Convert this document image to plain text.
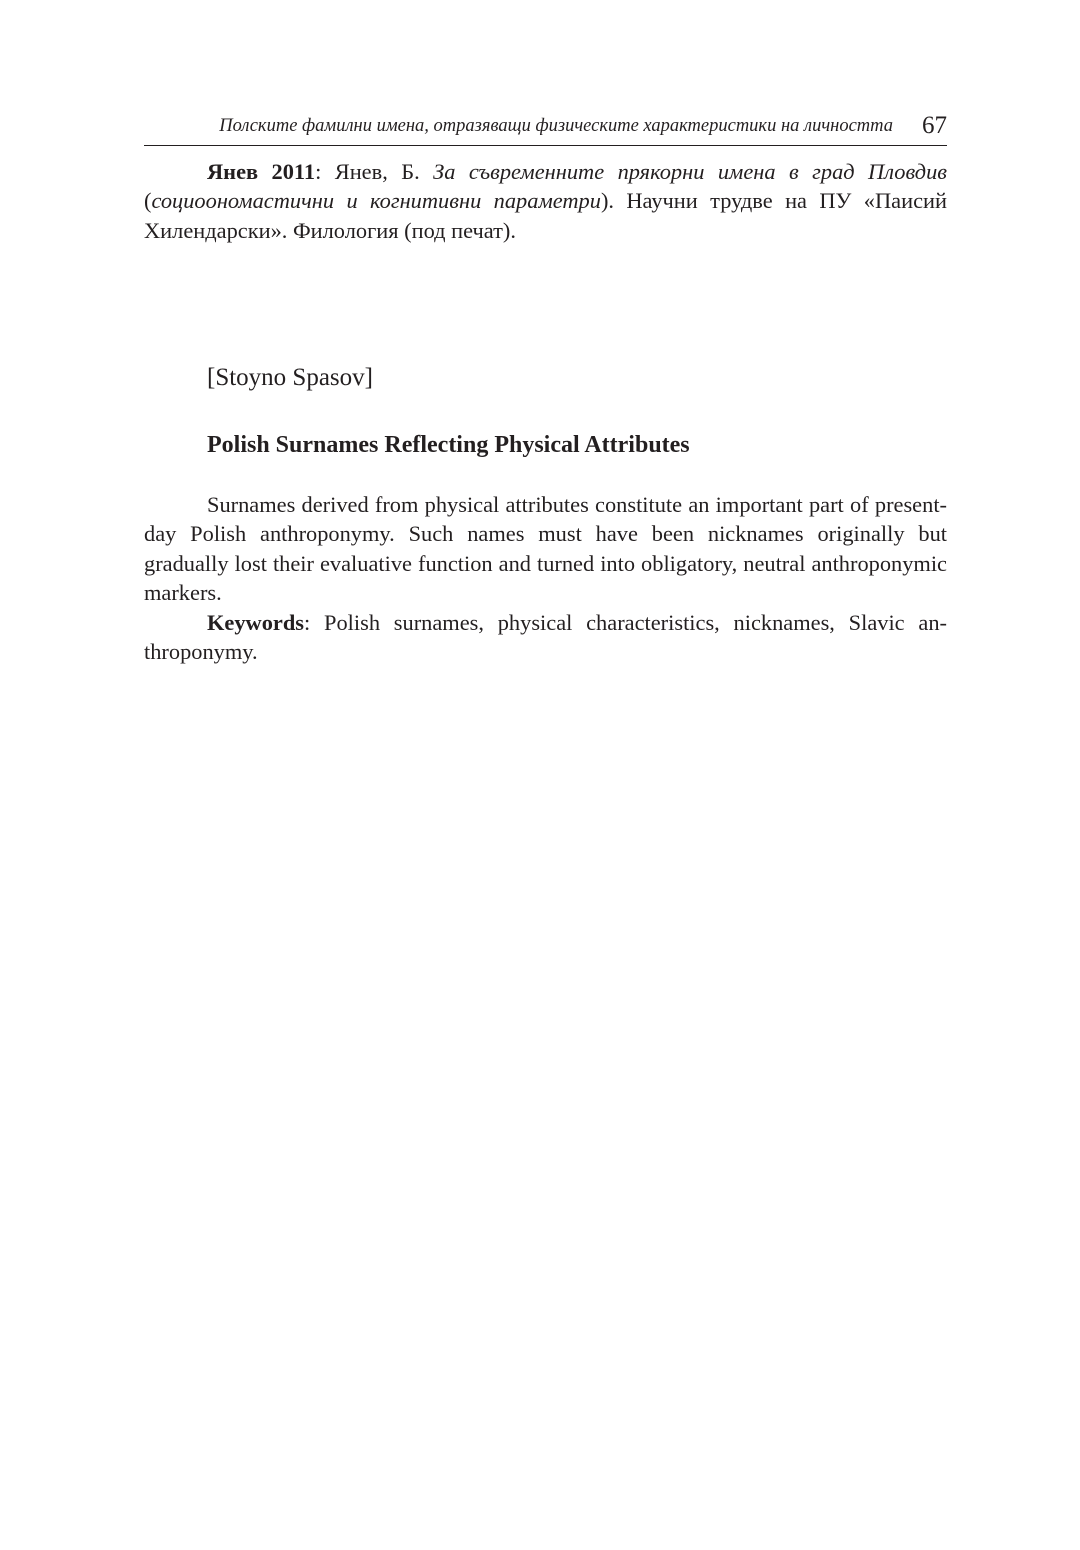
Полските фамилни имена, отразяващи физическите характеристики на личността 67

Янев 2011: Янев, Б. За съвременните прякорни имена в град Пловдив (социоономастични и когнитивни параметри). Научни трудве на ПУ «Паисий Хилендарски». Филология (под печат).

[Stoyno Spasov]
Polish Surnames Reflecting Physical Attributes

Surnames derived from physical attributes constitute an important part of present-day Polish anthroponymy. Such names must have been nicknames originally but gradually lost their evaluative function and turned into obligatory, neutral anthroponymic markers.

Keywords: Polish surnames, physical characteristics, nicknames, Slavic anthroponymy.
